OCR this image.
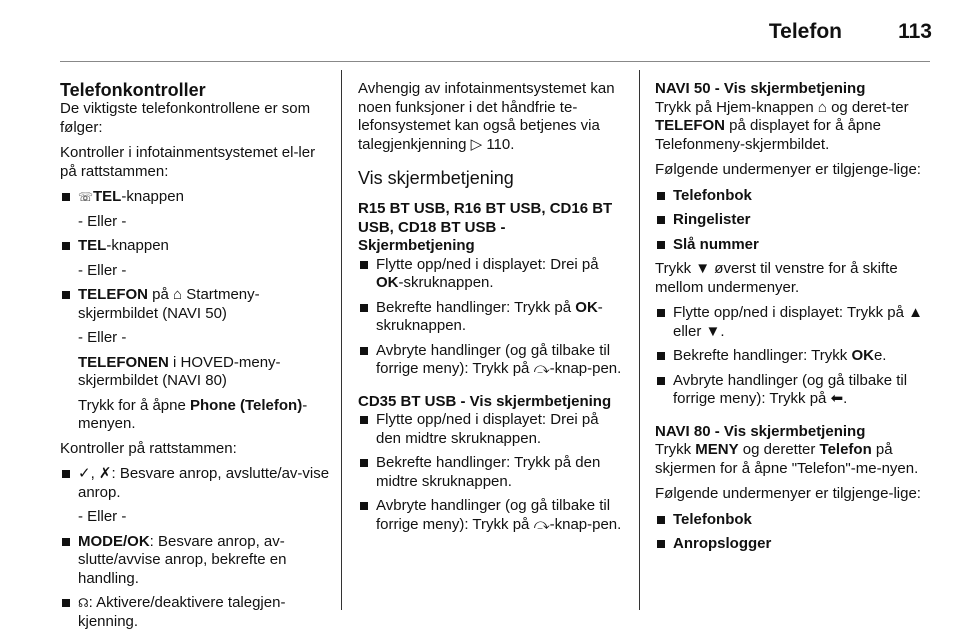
Telefon	113
Telefonkontroller

De viktigste telefonkontrollene er som følger:

Kontroller i infotainmentsystemet el-ler på rattstammen:

☏TEL-knappen
- Eller -
TEL-knappen
- Eller -
TELEFON på ⌂ Startmeny-skjermbildet (NAVI 50)
- Eller -
TELEFONEN i HOVED-meny-skjermbildet (NAVI 80)
Trykk for å åpne Phone (Telefon)-menyen.

Kontroller på rattstammen:

✓, ✗: Besvare anrop, avslutte/av-vise anrop.
- Eller -
MODE/OK: Besvare anrop, av-slutte/avvise anrop, bekrefte en handling.
☊: Aktivere/deaktivere talegjen-kjenning.

Avhengig av infotainmentsystemet kan noen funksjoner i det håndfrie te-lefonsystemet kan også betjenes via talegjenkjenning ▷ 110.

Vis skjermbetjening
R15 BT USB, R16 BT USB, CD16 BT USB, CD18 BT USB - Skjermbetjening
Flytte opp/ned i displayet: Drei på OK-skruknappen.
Bekrefte handlinger: Trykk på OK-skruknappen.
Avbryte handlinger (og gå tilbake til forrige meny): Trykk på ⤼-knap-pen.
CD35 BT USB - Vis skjermbetjening
Flytte opp/ned i displayet: Drei på den midtre skruknappen.
Bekrefte handlinger: Trykk på den midtre skruknappen.
Avbryte handlinger (og gå tilbake til forrige meny): Trykk på ⤼-knap-pen.
NAVI 50 - Vis skjermbetjening

Trykk på Hjem-knappen ⌂ og deret-ter TELEFON på displayet for å åpne Telefonmeny-skjermbildet.

Følgende undermenyer er tilgjenge-lige:

Telefonbok
Ringelister
Slå nummer

Trykk ▼ øverst til venstre for å skifte mellom undermenyer.

Flytte opp/ned i displayet: Trykk på ▲ eller ▼.
Bekrefte handlinger: Trykk OKe.
Avbryte handlinger (og gå tilbake til forrige meny): Trykk på ⬅.
NAVI 80 - Vis skjermbetjening

Trykk MENY og deretter Telefon på skjermen for å åpne "Telefon"-me-nyen.

Følgende undermenyer er tilgjenge-lige:

Telefonbok
Anropslogger
